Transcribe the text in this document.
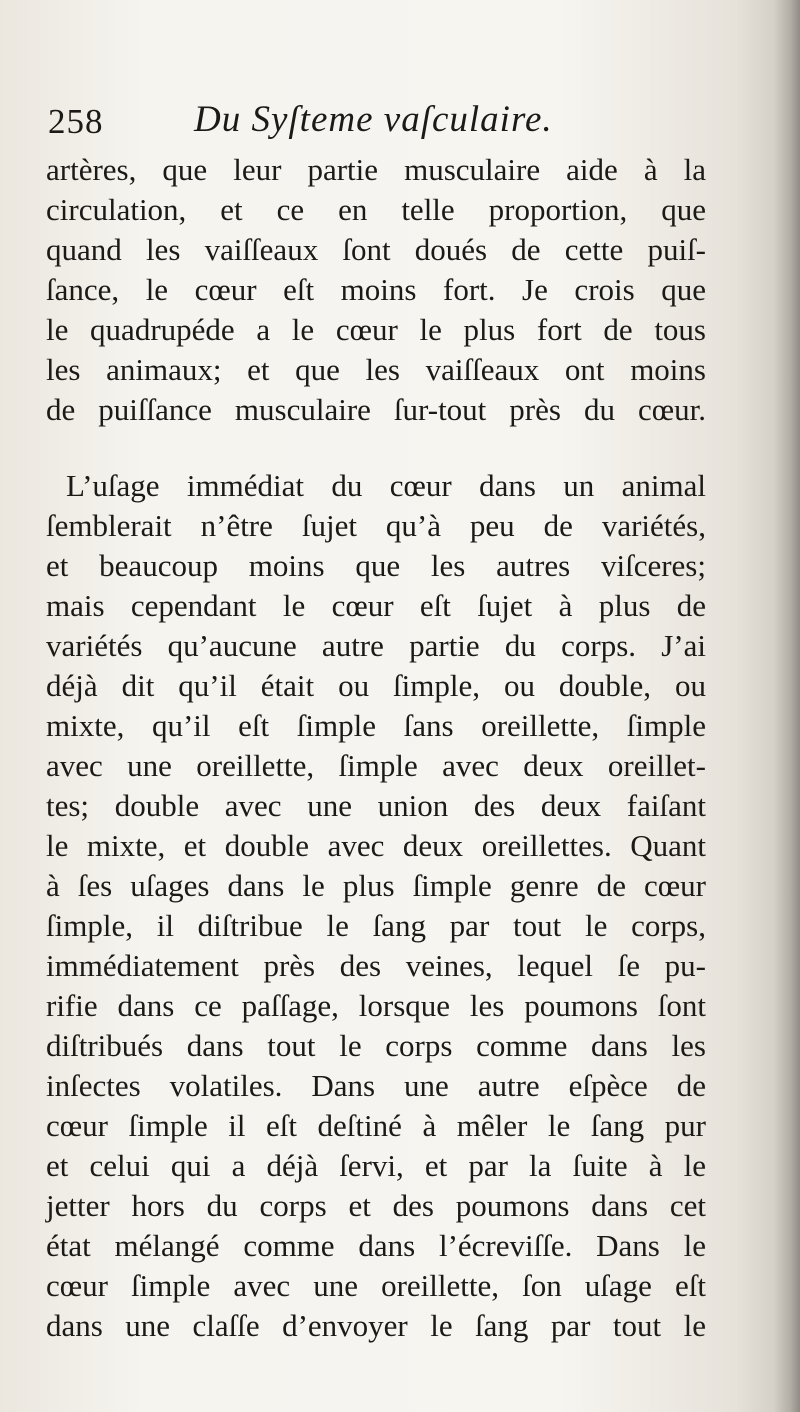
258 Du Syſteme vaſculaire.
artères, que leur partie musculaire aide à la
circulation, et ce en telle proportion, que
quand les vaiſſeaux ſont doués de cette puiſ-
ſance, le cœur eſt moins fort. Je crois que
le quadrupéde a le cœur le plus fort de tous
les animaux; et que les vaiſſeaux ont moins
de puiſſance musculaire ſur-tout près du cœur.
L’uſage immédiat du cœur dans un animal
ſemblerait n’être ſujet qu’à peu de variétés,
et beaucoup moins que les autres viſceres;
mais cependant le cœur eſt ſujet à plus de
variétés qu’aucune autre partie du corps. J’ai
déjà dit qu’il était ou ſimple, ou double, ou
mixte, qu’il eſt ſimple ſans oreillette, ſimple
avec une oreillette, ſimple avec deux oreillet-
tes; double avec une union des deux faiſant
le mixte, et double avec deux oreillettes. Quant
à ſes uſages dans le plus ſimple genre de cœur
ſimple, il diſtribue le ſang par tout le corps,
immédiatement près des veines, lequel ſe pu-
rifie dans ce paſſage, lorsque les poumons ſont
diſtribués dans tout le corps comme dans les
inſectes volatiles. Dans une autre eſpèce de
cœur ſimple il eſt deſtiné à mêler le ſang pur
et celui qui a déjà ſervi, et par la ſuite à le
jetter hors du corps et des poumons dans cet
état mélangé comme dans l’écreviſſe. Dans le
cœur ſimple avec une oreillette, ſon uſage eſt
dans une claſſe d’envoyer le ſang par tout le
